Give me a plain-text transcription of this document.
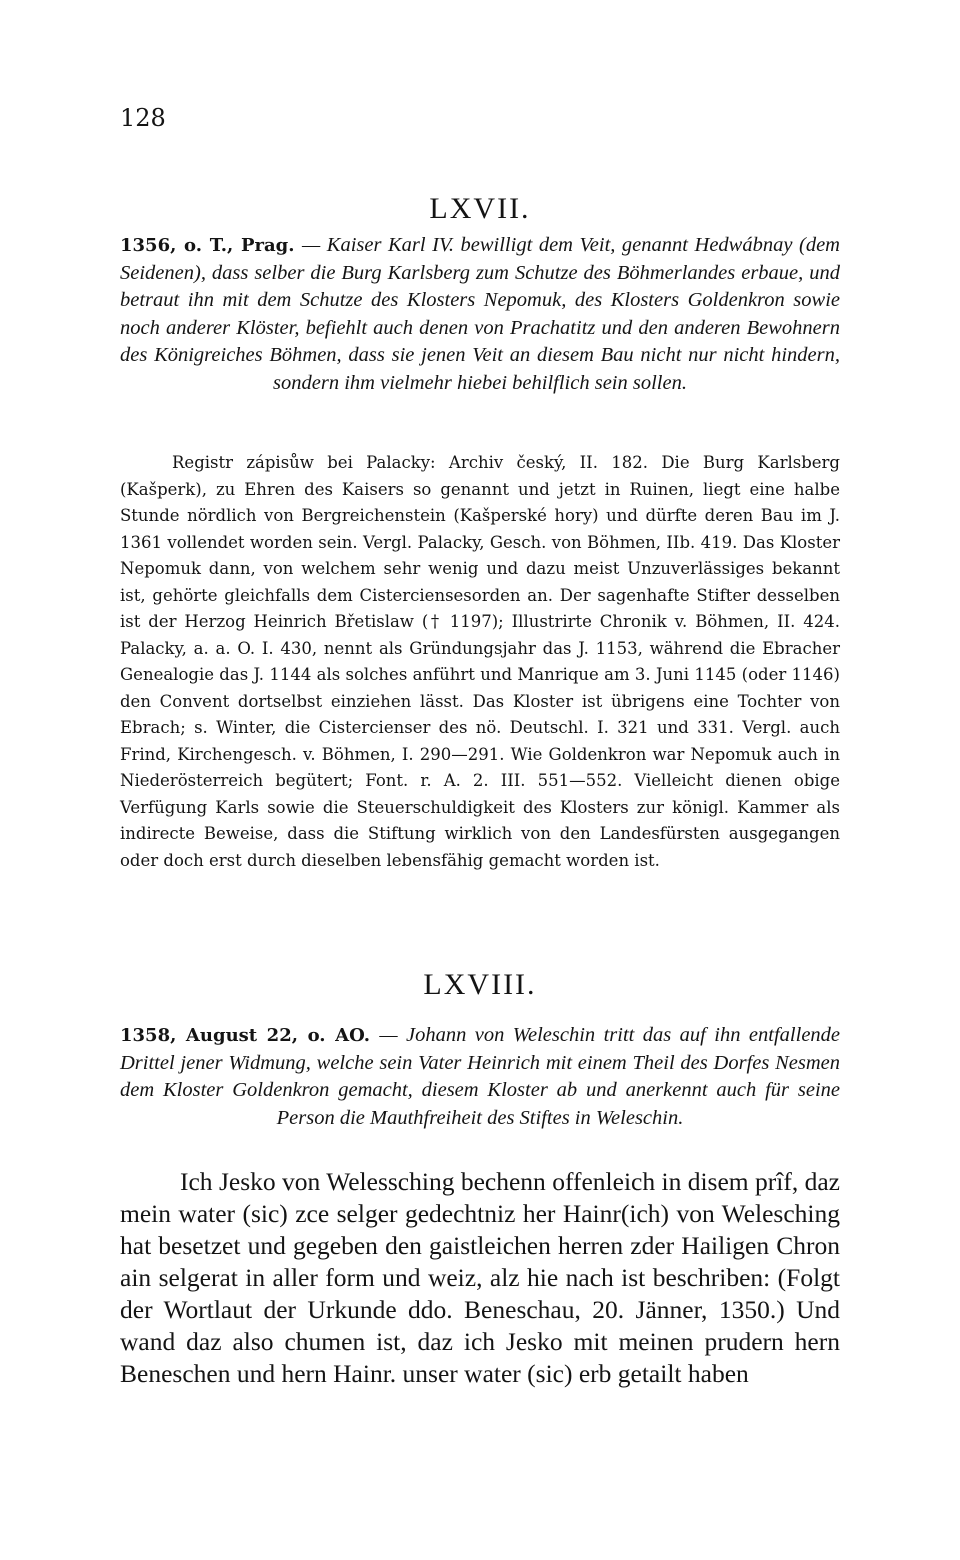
128
LXVII.
1356, o. T., Prag. — Kaiser Karl IV. bewilligt dem Veit, genannt Hedwábnay (dem Seidenen), dass selber die Burg Karlsberg zum Schutze des Böhmerlandes erbaue, und betraut ihn mit dem Schutze des Klosters Nepomuk, des Klosters Goldenkron sowie noch anderer Klöster, befiehlt auch denen von Prachatitz und den anderen Bewohnern des Königreiches Böhmen, dass sie jenen Veit an diesem Bau nicht nur nicht hindern, sondern ihm vielmehr hiebei behilflich sein sollen.
Registr zápisůw bei Palacky: Archiv český, II. 182. Die Burg Karlsberg (Kašperk), zu Ehren des Kaisers so genannt und jetzt in Ruinen, liegt eine halbe Stunde nördlich von Bergreichenstein (Kašperské hory) und dürfte deren Bau im J. 1361 vollendet worden sein. Vergl. Palacky, Gesch. von Böhmen, IIb. 419. Das Kloster Nepomuk dann, von welchem sehr wenig und dazu meist Unzuverlässiges bekannt ist, gehörte gleichfalls dem Cisterciensesorden an. Der sagenhafte Stifter desselben ist der Herzog Heinrich Břetislaw († 1197); Illustrirte Chronik v. Böhmen, II. 424. Palacky, a. a. O. I. 430, nennt als Gründungsjahr das J. 1153, während die Ebracher Genealogie das J. 1144 als solches anführt und Manrique am 3. Juni 1145 (oder 1146) den Convent dortselbst einziehen lässt. Das Kloster ist übrigens eine Tochter von Ebrach; s. Winter, die Cistercienser des nö. Deutschl. I. 321 und 331. Vergl. auch Frind, Kirchengesch. v. Böhmen, I. 290—291. Wie Goldenkron war Nepomuk auch in Niederösterreich begütert; Font. r. A. 2. III. 551—552. Vielleicht dienen obige Verfügung Karls sowie die Steuerschuldigkeit des Klosters zur königl. Kammer als indirecte Beweise, dass die Stiftung wirklich von den Landesfürsten ausgegangen oder doch erst durch dieselben lebensfähig gemacht worden ist.
LXVIII.
1358, August 22, o. AO. — Johann von Weleschin tritt das auf ihn entfallende Drittel jener Widmung, welche sein Vater Heinrich mit einem Theil des Dorfes Nesmen dem Kloster Goldenkron gemacht, diesem Kloster ab und anerkennt auch für seine Person die Mauthfreiheit des Stiftes in Weleschin.
Ich Jesko von Welessching bechenn offenleich in disem prîf, daz mein water (sic) zce selger gedechtniz her Hainr(ich) von Welesching hat besetzet und gegeben den gaistleichen herren zder Hailigen Chron ain selgerat in aller form und weiz, alz hie nach ist beschriben: (Folgt der Wortlaut der Urkunde ddo. Beneschau, 20. Jänner, 1350.) Und wand daz also chumen ist, daz ich Jesko mit meinen prudern hern Beneschen und hern Hainr. unser water (sic) erb getailt haben
